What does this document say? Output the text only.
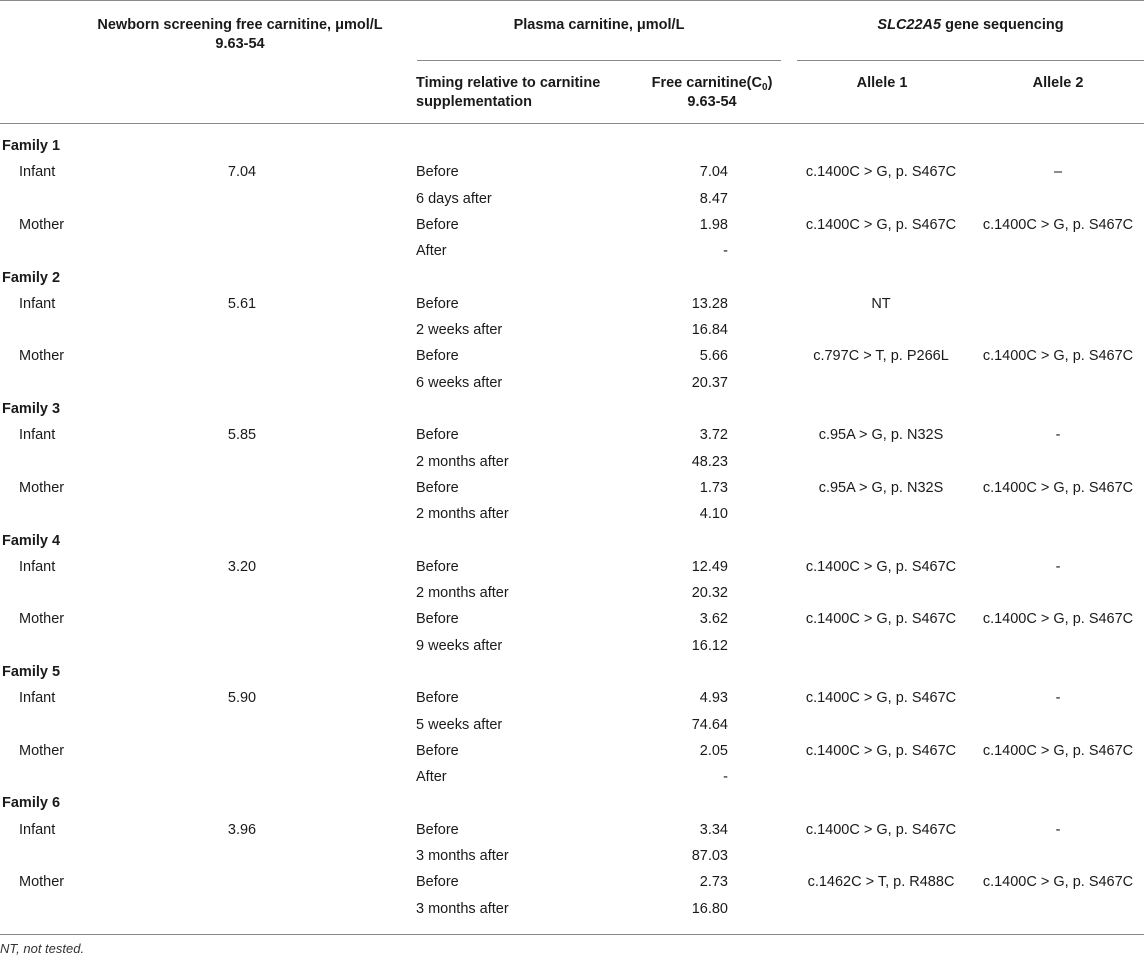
Newborn screening free carnitine, μmol/L
9.63-54
Plasma carnitine, μmol/L	SLC22A5 gene sequencing
Timing relative to carnitine
supplementation
Free $carnitine(C_0)$
9.63-54
Allele 1	Allele 2
Family 1
Infant	7.04	Before	7.04	c.1400C > G, p. S467C	–
6 days after	8.47
Mother	Before	1.98	c.1400C > G, p. S467C	c.1400C > G, p. S467C
After	-
Family 2
Infant	5.61	Before	13.28	NT
2 weeks after	16.84
Mother	Before	5.66	c.797C > T, p. P266L	c.1400C > G, p. S467C
6 weeks after	20.37
Family 3
Infant	5.85	Before	3.72	c.95A > G, p. N32S	-
2 months after	48.23
Mother	Before	1.73	c.95A > G, p. N32S	c.1400C > G, p. S467C
2 months after	4.10
Family 4
Infant	3.20	Before	12.49	c.1400C > G, p. S467C	-
2 months after	20.32
Mother	Before	3.62	c.1400C > G, p. S467C	c.1400C > G, p. S467C
9 weeks after	16.12
Family 5
Infant	5.90	Before	4.93	c.1400C > G, p. S467C	-
5 weeks after	74.64
Mother	Before	2.05	c.1400C > G, p. S467C	c.1400C > G, p. S467C
After	-
Family 6
Infant	3.96	Before	3.34	c.1400C > G, p. S467C	-
3 months after	87.03
Mother	Before	2.73	c.1462C > T, p. R488C	c.1400C > G, p. S467C
3 months after	16.80
NT, not tested.
